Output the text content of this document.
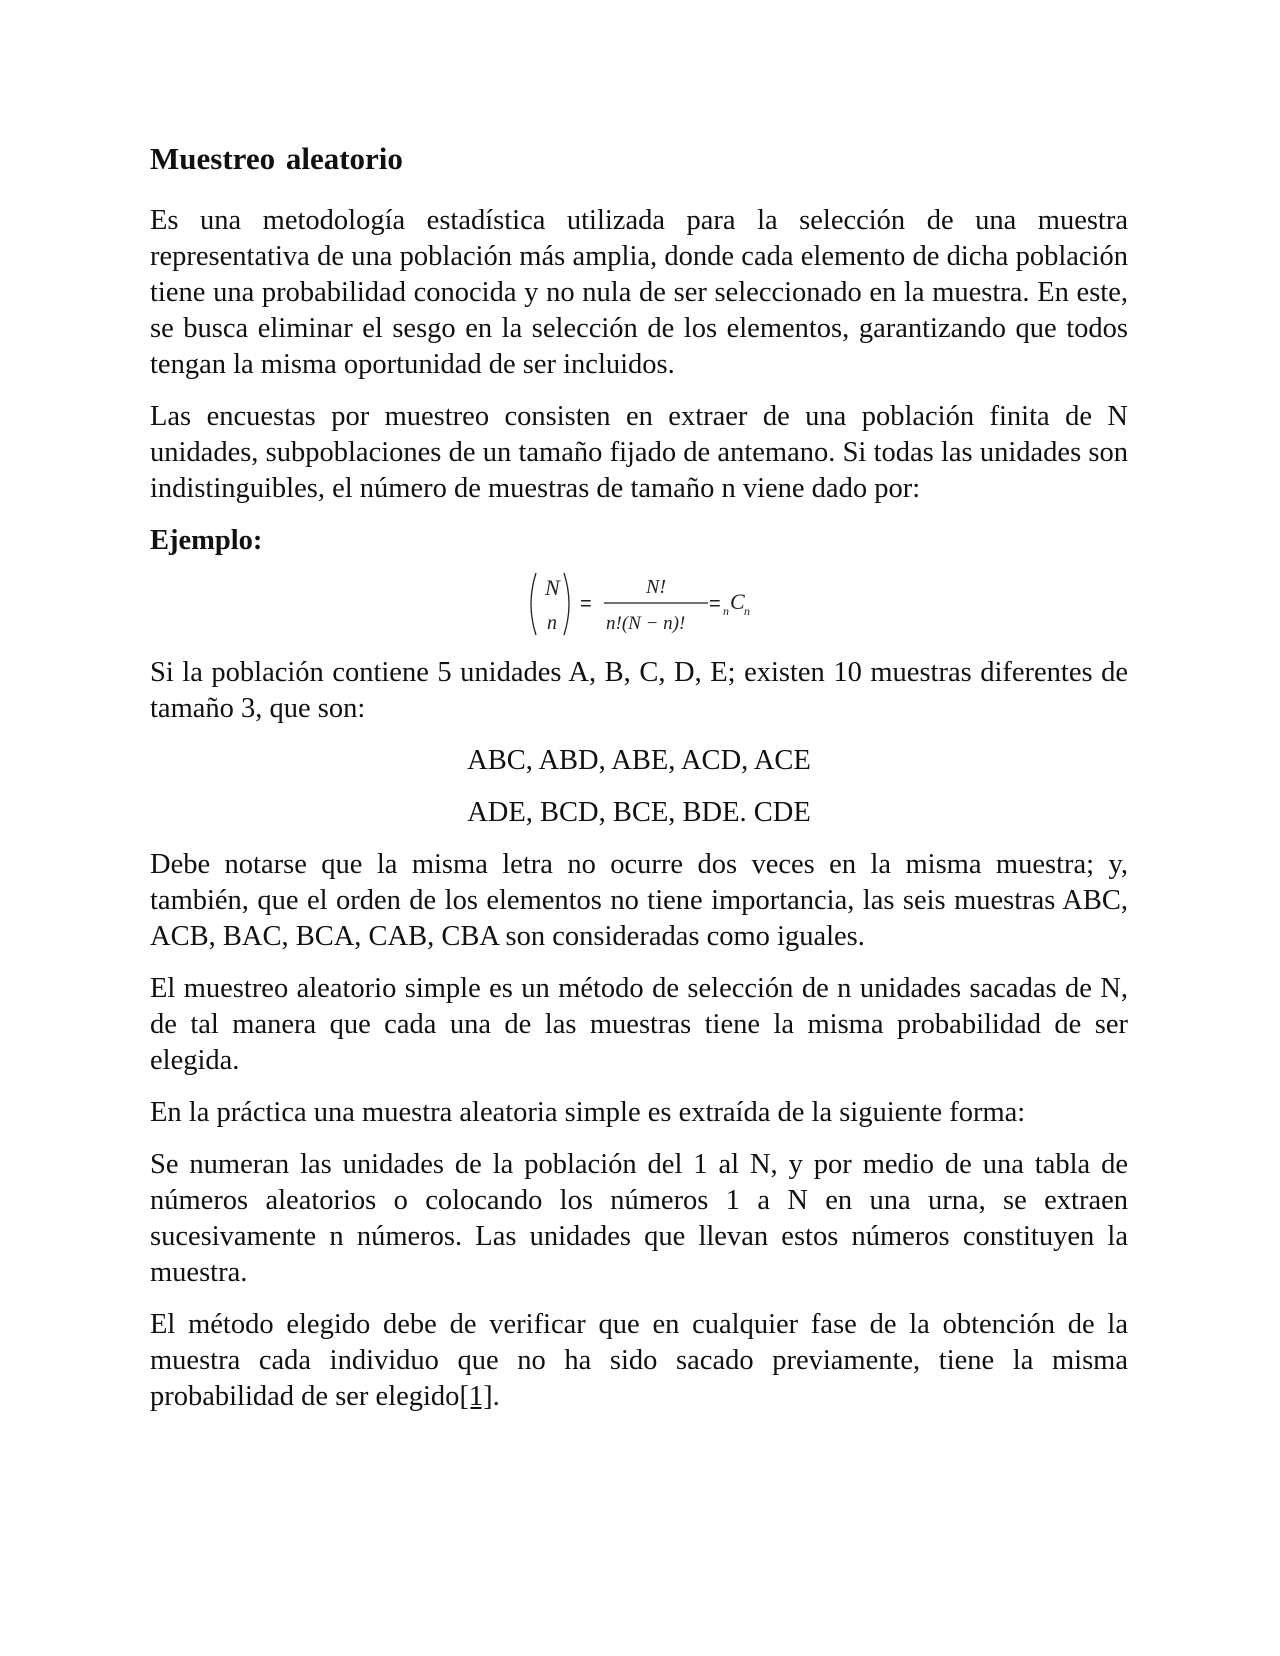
Muestreo aleatorio

Es una metodología estadística utilizada para la selección de una muestra representativa de una población más amplia, donde cada elemento de dicha población tiene una probabilidad conocida y no nula de ser seleccionado en la muestra. En este, se busca eliminar el sesgo en la selección de los elementos, garantizando que todos tengan la misma oportunidad de ser incluidos.

Las encuestas por muestreo consisten en extraer de una población finita de N unidades, subpoblaciones de un tamaño fijado de antemano. Si todas las unidades son indistinguibles, el número de muestras de tamaño n viene dado por:

Ejemplo:
N
n
=
N!
n!(N − n)!
= n C n

Si la población contiene 5 unidades A, B, C, D, E; existen 10 muestras diferentes de tamaño 3, que son:

ABC, ABD, ABE, ACD, ACE
ADE, BCD, BCE, BDE. CDE

Debe notarse que la misma letra no ocurre dos veces en la misma muestra; y, también, que el orden de los elementos no tiene importancia, las seis muestras ABC, ACB, BAC, BCA, CAB, CBA son consideradas como iguales.

El muestreo aleatorio simple es un método de selección de n unidades sacadas de N, de tal manera que cada una de las muestras tiene la misma probabilidad de ser elegida.

En la práctica una muestra aleatoria simple es extraída de la siguiente forma:

Se numeran las unidades de la población del 1 al N, y por medio de una tabla de números aleatorios o colocando los números 1 a N en una urna, se extraen sucesivamente n números. Las unidades que llevan estos números constituyen la muestra.

El método elegido debe de verificar que en cualquier fase de la obtención de la muestra cada individuo que no ha sido sacado previamente, tiene la misma probabilidad de ser elegido[1].
